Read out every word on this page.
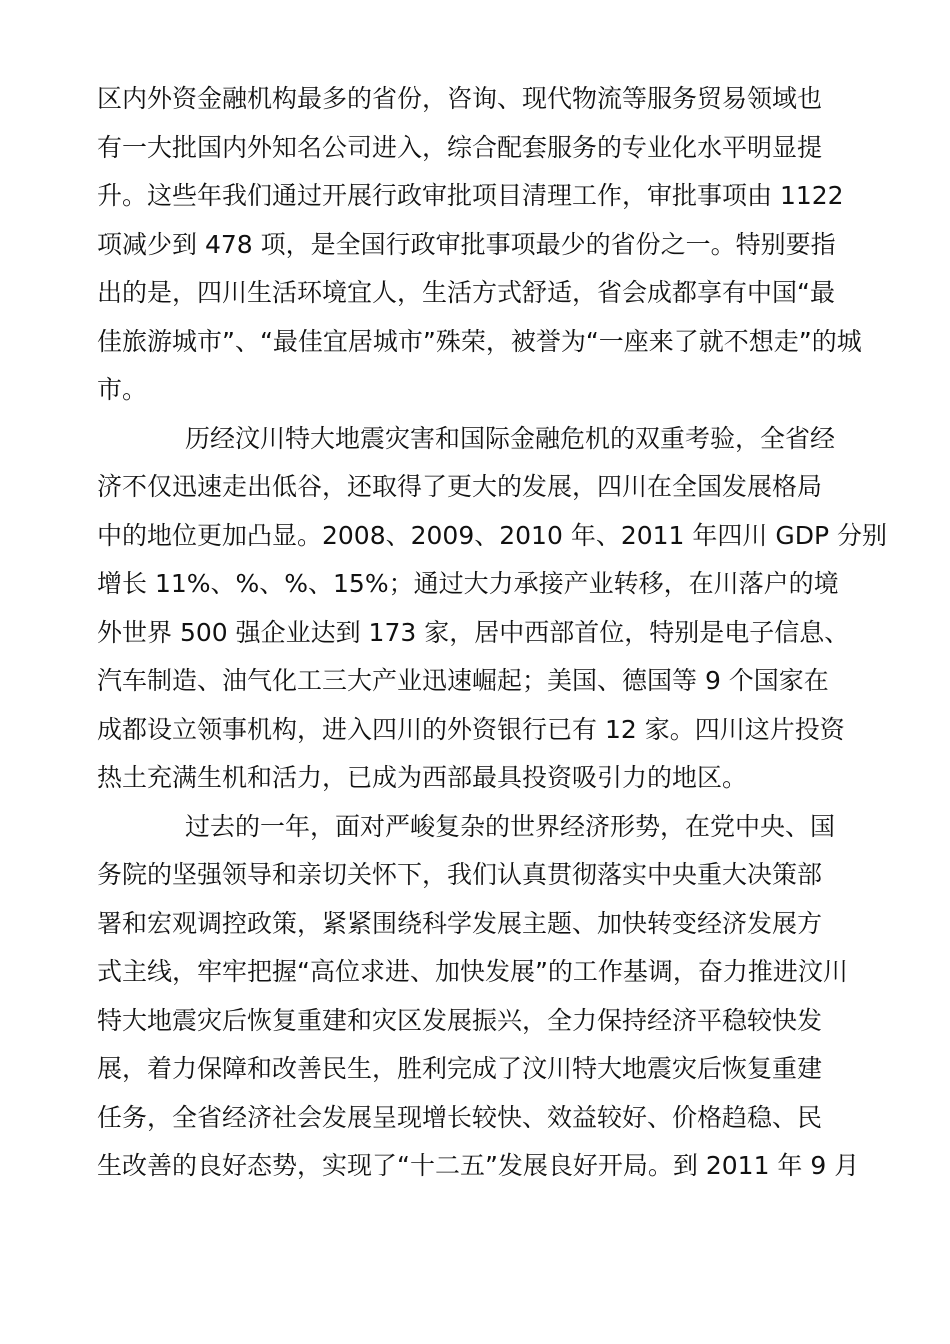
区内外资金融机构最多的省份，咨询、现代物流等服务贸易领域也
有一大批国内外知名公司进入，综合配套服务的专业化水平明显提
升。这些年我们通过开展行政审批项目清理工作，审批事项由 1122
项减少到 478 项，是全国行政审批事项最少的省份之一。特别要指
出的是，四川生活环境宜人，生活方式舒适，省会成都享有中国“最
佳旅游城市”、“最佳宜居城市”殊荣，被誉为“一座来了就不想走”的城
市。
历经汶川特大地震灾害和国际金融危机的双重考验，全省经
济不仅迅速走出低谷，还取得了更大的发展，四川在全国发展格局
中的地位更加凸显。2008、2009、2010 年、2011 年四川 GDP 分别
增长 11%、%、%、15%；通过大力承接产业转移，在川落户的境
外世界 500 强企业达到 173 家，居中西部首位，特别是电子信息、
汽车制造、油气化工三大产业迅速崛起；美国、德国等 9 个国家在
成都设立领事机构，进入四川的外资银行已有 12 家。四川这片投资
热土充满生机和活力，已成为西部最具投资吸引力的地区。
过去的一年，面对严峻复杂的世界经济形势，在党中央、国
务院的坚强领导和亲切关怀下，我们认真贯彻落实中央重大决策部
署和宏观调控政策，紧紧围绕科学发展主题、加快转变经济发展方
式主线，牢牢把握“高位求进、加快发展”的工作基调，奋力推进汶川
特大地震灾后恢复重建和灾区发展振兴，全力保持经济平稳较快发
展，着力保障和改善民生，胜利完成了汶川特大地震灾后恢复重建
任务，全省经济社会发展呈现增长较快、效益较好、价格趋稳、民
生改善的良好态势，实现了“十二五”发展良好开局。到 2011 年 9 月
